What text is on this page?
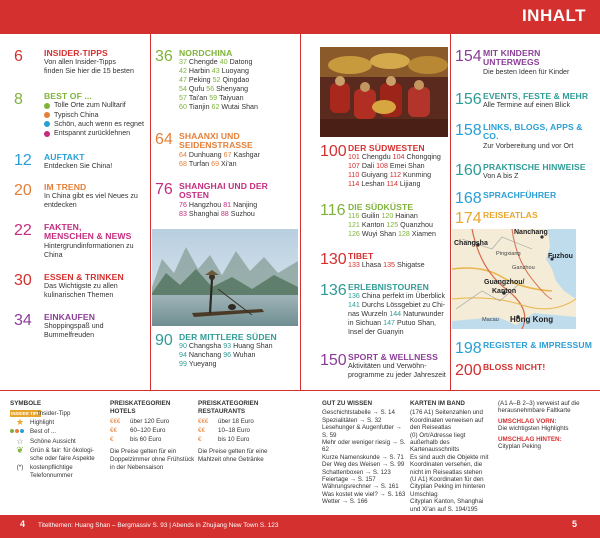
INHALT
6 INSIDER-TIPPS
Von allen Insider-Tipps
finden Sie hier die 15 besten
8 BEST OF ...
Tolle Orte zum Nulltarif
Typisch China
Schön, auch wenn es regnet
Entspannt zurücklehnen
12 AUFTAKT
Entdecken Sie China!
20 IM TREND
In China gibt es viel Neues zu
entdecken
22 FAKTEN,
MENSCHEN & NEWS
Hintergrundinformationen zu
China
30 ESSEN & TRINKEN
Das Wichtigste zu allen
kulinarischen Themen
34 EINKAUFEN
Shoppingspaß und
Bummelfreuden
36 NORDCHINA
37 Chengde 40 Datong
42 Harbin 43 Luoyang
47 Peking 52 Qingdao
54 Qufu 56 Shenyang
57 Tai'an 59 Taiyuan
60 Tianjin 62 Wutai Shan
64 SHAANXI UND
SEIDENSTRASSE
64 Dunhuang 67 Kashgar
68 Turfan 69 Xi'an
76 SHANGHAI UND DER
OSTEN
76 Hangzhou 81 Nanjing
83 Shanghai 88 Suzhou
90 DER MITTLERE SÜDEN
90 Changsha 93 Huang Shan
94 Nanchang 96 Wuhan
99 Yueyang
100 DER SÜDWESTEN
101 Chengdu 104 Chongqing
107 Dali 108 Emei Shan
110 Guiyang 112 Kunming
114 Leshan 114 Lijiang
116 DIE SÜDKÜSTE
116 Guilin 120 Hainan
121 Kanton 125 Quanzhou
126 Wuyi Shan 128 Xiamen
130 TIBET
133 Lhasa 135 Shigatse
136 ERLEBNISTOUREN
136 China perfekt im Überblick
141 Durchs Lössgebiet zu Chi-
nas Wurzeln 144 Naturwunder
in Sichuan 147 Putuo Shan,
Insel der Guanyin
150 SPORT & WELLNESS
Aktivitäten und Verwöhn-
programme zu jeder Jahreszeit
154 MIT KINDERN
UNTERWEGS
Die besten Ideen für Kinder
156 EVENTS, FESTE & MEHR
Alle Termine auf einen Blick
158 LINKS, BLOGS, APPS &
CO.
Zur Vorbereitung und vor Ort
160 PRAKTISCHE HINWEISE
Von A bis Z
168 SPRACHFÜHRER
174 REISEATLAS
Nanchang
Changsha
Fuzhou
Pingxiang
Ganzhou
Guangzhou/
Kanton
Hong Kong
Macau
198 REGISTER & IMPRESSUM
200 BLOSS NICHT!
SYMBOLE
INSIDER TIPP
Insider-Tipp
★ Highlight
Best of ...
☆	Schöne Aussicht
❦	Grün & fair: für ökologi-
sche oder faire Aspekte
(*)	kostenpflichtige
Telefonnummer
PREISKATEGORIEN
HOTELS
€€€	über 120 Euro
€€	60–120 Euro
€	bis 60 Euro
Die Preise gelten für ein Doppelzimmer ohne Frühstück in der Nebensaison
PREISKATEGORIEN
RESTAURANTS
€€€	über 18 Euro
€€	10–18 Euro
€	bis 10 Euro
Die Preise gelten für eine Mahlzeit ohne Getränke
GUT ZU WISSEN
Geschichtstabelle → S. 14
Spezialitäten → S. 32
Lesehunger & Augenfutter → S. 59
Mehr oder weniger riesig → S. 62
Kurze Namenskunde → S. 71
Der Weg des Weisen → S. 99
Schattenboxen → S. 123
Feiertage → S. 157
Währungsrechner → S. 161
Was kostet wie viel? → S. 163
Wetter → S. 166
KARTEN IM BAND
(176 A1) Seitenzahlen und Koordinaten verweisen auf den Reiseatlas
(0) Ort/Adresse liegt außerhalb des Kartenausschnitts
Es sind auch die Objekte mit Koordinaten versehen, die nicht im Reiseatlas stehen
(U A1) Koordinaten für den Cityplan Peking im hinteren Umschlag
Cityplan Kanton, Shanghai und Xi'an auf S. 194/195
(A1 A–B 2–3) verweist auf die herausnehmbare Faltkarte
UMSCHLAG VORN:
Die wichtigsten Highlights
UMSCHLAG HINTEN:
Cityplan Peking
4 Titelthemen: Huang Shan – Bergmassiv S. 93 | Abends in Zhujiang New Town S. 123	5
